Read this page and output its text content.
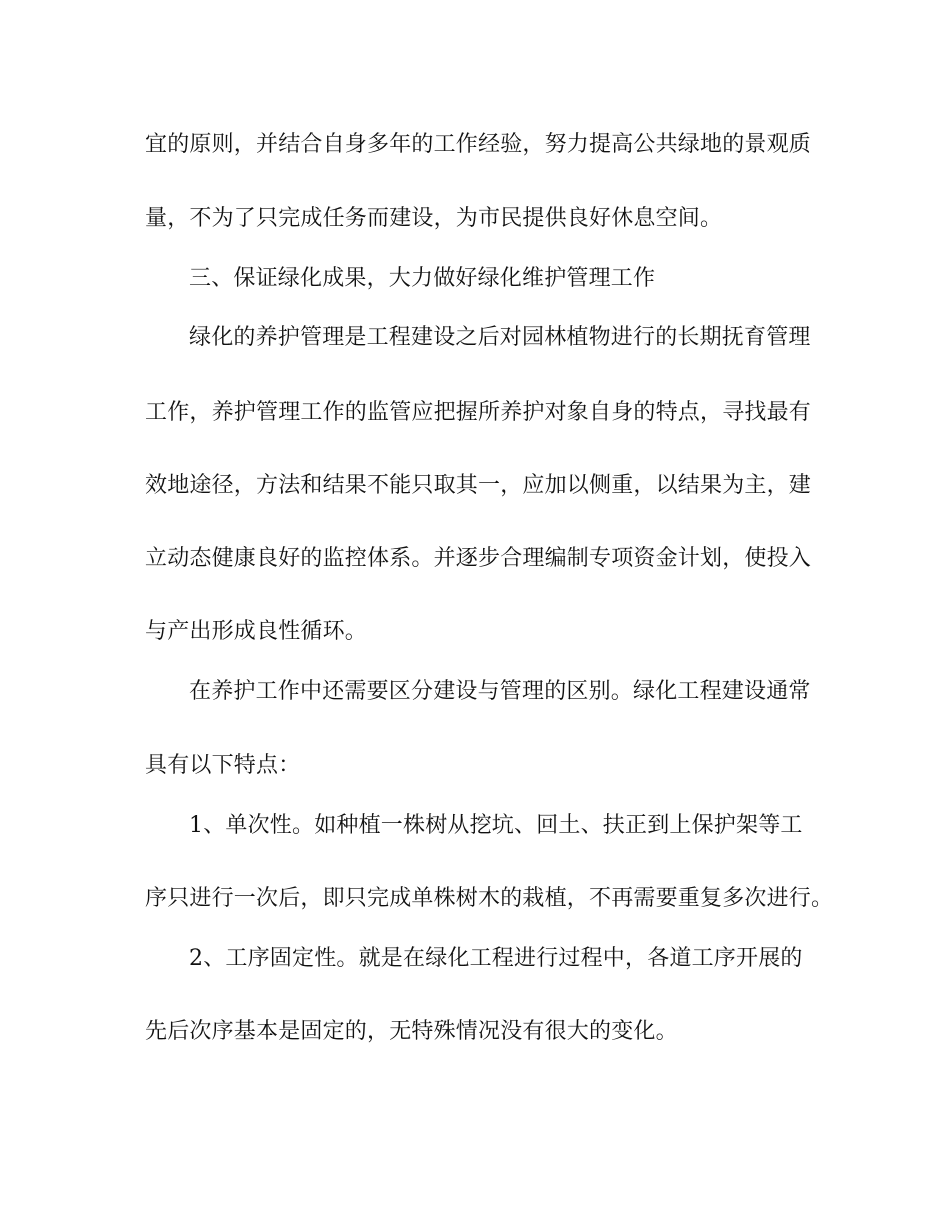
宜的原则，并结合自身多年的工作经验，努力提高公共绿地的景观质
量，不为了只完成任务而建设，为市民提供良好休息空间。
三、保证绿化成果，大力做好绿化维护管理工作
绿化的养护管理是工程建设之后对园林植物进行的长期抚育管理
工作，养护管理工作的监管应把握所养护对象自身的特点，寻找最有
效地途径，方法和结果不能只取其一，应加以侧重，以结果为主，建
立动态健康良好的监控体系。并逐步合理编制专项资金计划，使投入
与产出形成良性循环。
在养护工作中还需要区分建设与管理的区别。绿化工程建设通常
具有以下特点：
1、单次性。如种植一株树从挖坑、回土、扶正到上保护架等工
序只进行一次后，即只完成单株树木的栽植，不再需要重复多次进行。
2、工序固定性。就是在绿化工程进行过程中，各道工序开展的
先后次序基本是固定的，无特殊情况没有很大的变化。
